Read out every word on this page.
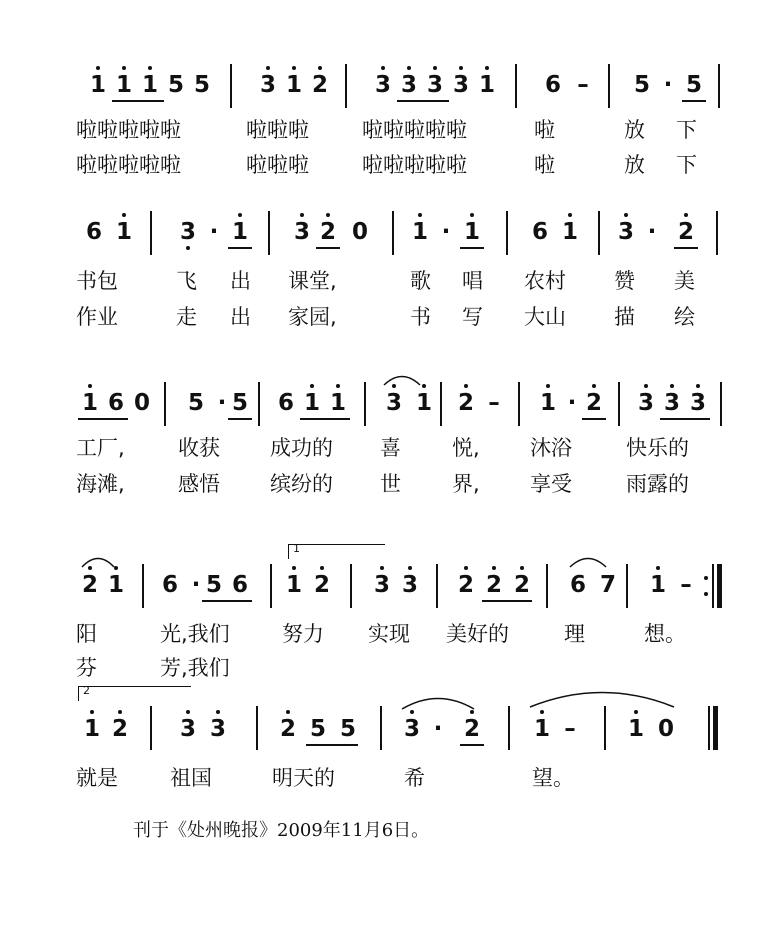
1 1 1 5 5 3 1 2 3 3 3 3 1 6 – 5 · 5
啦啦啦啦啦	啦啦啦	啦啦啦啦啦	啦	放 下
啦啦啦啦啦	啦啦啦	啦啦啦啦啦	啦	放 下
6 1 3 · 1 3 2 0 1 · 1 6 1 3 · 2
书包	飞 出 课堂,	歌 唱 农村 赞 美
作业	走 出 家园,	书 写 大山 描 绘
1 6 0 5 · 5 6 1 1 3 1 2 – 1 · 2 3 3 3
工厂,	收获 成功的 喜 悦, 沐浴	快乐的
海滩,	感悟 缤纷的 世 界, 享受	雨露的
2 1 6 · 5 6 1 2 3 3 2 2 2 6 7 1 –
1
阳	光,我们 努力 实现 美好的	理	想。
芬	芳,我们
1 2 3 3 2 5 5 3 · 2 1 – 1 0
2
就是 祖国	明天的	希	望。
刊于《处州晚报》2009年11月6日。
